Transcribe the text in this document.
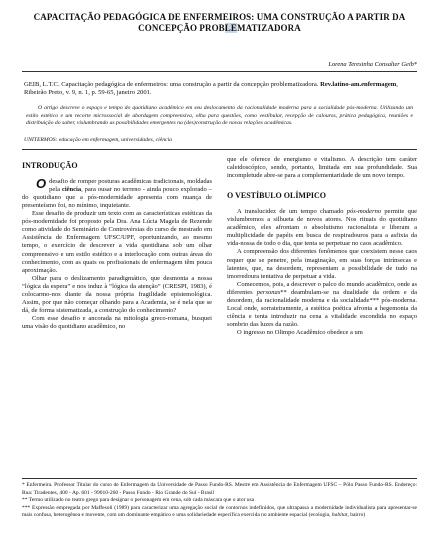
CAPACITAÇÃO PEDAGÓGICA DE ENFERMEIROS: UMA CONSTRUÇÃO A PARTIR DA
CONCEPÇÃO PROBLEMATIZADORA
Lorena Teresinha Consalter Geib*
GEIB, L.T.C. Capacitação pedagógica de enfermeiros: uma construção a partir da concepção problematizadora. Rev.latino-am.enfermagem, Ribeirão Preto, v. 9, n. 1, p. 59-65, janeiro 2001.
O artigo descreve o espaço e tempo do quotidiano acadêmico em seu deslocamento da racionalidade moderna para a socialidade pós-moderna. Utilizando um estilo estético e um recorte microssocial de abordagem compreensiva, olha para questões, como vestibular, recepção de calouros, prática pedagógica, reuniões e distribuição do saber, vislumbrando as possibilidades emergentes na (des)construção de novas relações acadêmicas.
UNITERMOS: educação em enfermagem, universidades, ciência
INTRODUÇÃO

Odesafio de romper posturas acadêmicas tradicionais, moldadas pela ciência, para ousar no terreno - ainda pouco explorado – do quotidiano que a pós-modernidade apresenta com nuança de presenteísmo foi, no mínimo, inquietante.

Esse desafio de produzir um texto com as características estéticas da pós-modernidade foi proposto pela Dra. Ana Lúcia Magela de Rezende como atividade do Seminário de Controvérsias do curso de mestrado em Assistência de Enfermagem UFSC/UPF, oportunizando, ao mesmo tempo, o exercício de descrever a vida quotidiana sob um olhar compreensivo e um estilo estético e a interlocução com outras áreas do conhecimento, com as quais os profissionais de enfermagem têm pouca aproximação.

Olhar para o deslizamento paradigmático, que desmonta a nossa “lógica da espera” e nos induz à “lógica da atenção” (CRESPI, 1983), é colocarmo-nos diante da nossa própria fragilidade epistemológica. Assim, por que não começar olhando para a Academia, se é nela que se dá, de forma sistematizada, a construção do conhecimento?

Com esse desafio e ancorada na mitologia greco-romana, busquei uma visão do quotidiano acadêmico, no

que ele oferece de energismo e vitalismo. A descrição tem caráter caleidoscópico, sendo, portanto, limitada em sua profundidade. Sua incompletude abre-se para a complementaridade de um novo tempo.

O VESTÍBULO OLÍMPICO

A translucidez de um tempo chamado pós-moderno permite que vislumbremos a silhueta de novos atores. Nos rituais do quotidiano acadêmico, eles afrontam o absolutismo racionalista e liberam a multiplicidade de papéis em busca de respiradouros para a asfixia da vida-nossa de todo o dia, que tenta se perpetuar no caos acadêmico.

A compreensão dos diferentes fenômenos que coexistem nesse caos requer que se penetre, pela imaginação, em suas forças intrínsecas e latentes, que, na desordem, representam a possibilidade de tudo na imorredoura tentativa de perpetuar a vida.

Comecemos, pois, a descrever o palco do mundo acadêmico, onde as diferentes personas** deambulam-se na dualidade da ordem e da desordem, da racionalidade moderna e da socialidade*** pós-moderna. Local onde, sorrateiramente, a estética poética afronta a hegemonia da ciência e tenta introduzir na cena a vitalidade escondida no espaço sombrio das luzes da razão.

O ingresso no Olimpo Acadêmico obedece a um

* Enfermeira. Professor Titular do curso de Enfermagem da Universidade de Passo Fundo-RS. Mestre em Assistência de Enfermagem UFSC – Pólo Passo Fundo-RS. Endereço: Rua: Tiradentes, 400 - Ap. 601 - 99010-260 - Passo Fundo - Rio Grande do Sul - Brasil
** Termo utilizado no teatro grego para designar o personagem em cena, sob cada máscara que o ator usa
*** Expressão empregada por Maffesoli (1989) para caracterizar uma agregação social de contornos indefinidos, que ultrapassa a modernidade individualista para apresentar-se mais confusa, heterogênea e movente, com um dominante empático e uma solidariedade específica exercida no ambiente espacial (ecologia, habitat, bairro)
